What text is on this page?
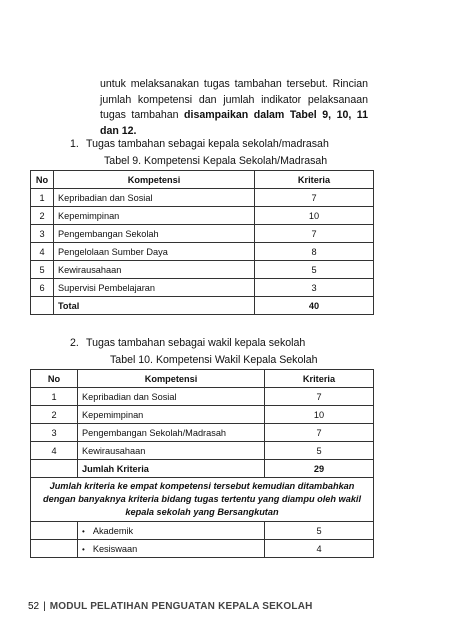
untuk melaksanakan tugas tambahan tersebut. Rincian jumlah kompetensi dan jumlah indikator pelaksanaan tugas tambahan disampaikan dalam Tabel 9, 10, 11 dan 12.
1. Tugas tambahan sebagai kepala sekolah/madrasah
Tabel 9. Kompetensi Kepala Sekolah/Madrasah
No	Kompetensi	Kriteria
1	Kepribadian dan Sosial	7
2	Kepemimpinan	10
3	Pengembangan Sekolah	7
4	Pengelolaan Sumber Daya	8
5	Kewirausahaan	5
6	Supervisi Pembelajaran	3
	Total	40
2. Tugas tambahan sebagai wakil kepala sekolah
Tabel 10. Kompetensi Wakil Kepala Sekolah
No	Kompetensi	Kriteria
1	Kepribadian dan Sosial	7
2	Kepemimpinan	10
3	Pengembangan Sekolah/Madrasah	7
4	Kewirausahaan	5
	Jumlah Kriteria	29
Jumlah kriteria ke empat kompetensi tersebut kemudian ditambahkan dengan banyaknya kriteria bidang tugas tertentu yang diampu oleh wakil kepala sekolah yang Bersangkutan		
	• Akademik	5
	• Kesiswaan	4
52 | MODUL PELATIHAN PENGUATAN KEPALA SEKOLAH
